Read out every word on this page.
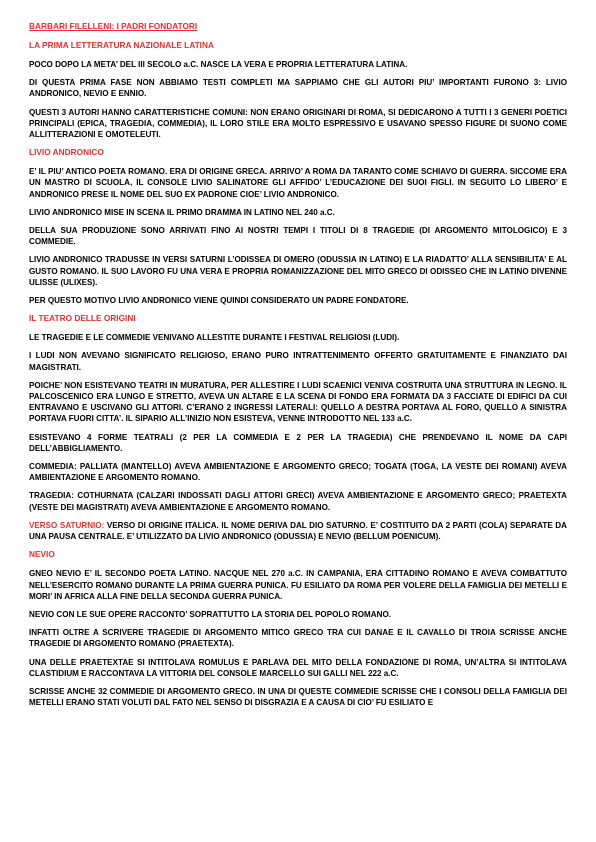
BARBARI FILELLENI: I PADRI FONDATORI
LA PRIMA LETTERATURA NAZIONALE LATINA

POCO DOPO LA META’ DEL III SECOLO a.C. NASCE LA VERA E PROPRIA LETTERATURA LATINA.

DI QUESTA PRIMA FASE NON ABBIAMO TESTI COMPLETI MA SAPPIAMO CHE GLI AUTORI PIU’ IMPORTANTI FURONO 3: LIVIO ANDRONICO, NEVIO E ENNIO.

QUESTI 3 AUTORI HANNO CARATTERISTICHE COMUNI: NON ERANO ORIGINARI DI ROMA, SI DEDICARONO A TUTTI I 3 GENERI POETICI PRINCIPALI (EPICA, TRAGEDIA, COMMEDIA), IL LORO STILE ERA MOLTO ESPRESSIVO E USAVANO SPESSO FIGURE DI SUONO COME ALLITTERAZIONI E OMOTELEUTI.

LIVIO ANDRONICO

E’ IL PIU’ ANTICO POETA ROMANO. ERA DI ORIGINE GRECA. ARRIVO’ A ROMA DA TARANTO COME SCHIAVO DI GUERRA. SICCOME ERA UN MASTRO DI SCUOLA, IL CONSOLE LIVIO SALINATORE GLI AFFIDO’ L’EDUCAZIONE DEI SUOI FIGLI. IN SEGUITO LO LIBERO’ E ANDRONICO PRESE IL NOME DEL SUO EX PADRONE CIOE’ LIVIO ANDRONICO.

LIVIO ANDRONICO MISE IN SCENA IL PRIMO DRAMMA IN LATINO NEL 240 a.C.

DELLA SUA PRODUZIONE SONO ARRIVATI FINO AI NOSTRI TEMPI I TITOLI DI 8 TRAGEDIE (DI ARGOMENTO MITOLOGICO) E 3 COMMEDIE.

LIVIO ANDRONICO TRADUSSE IN VERSI SATURNI L’ODISSEA DI OMERO (ODUSSIA IN LATINO) E LA RIADATTO’ ALLA SENSIBILITA’ E AL GUSTO ROMANO. IL SUO LAVORO FU UNA VERA E PROPRIA ROMANIZZAZIONE DEL MITO GRECO DI ODISSEO CHE IN LATINO DIVENNE ULISSE (ULIXES).

PER QUESTO MOTIVO LIVIO ANDRONICO VIENE QUINDI CONSIDERATO UN PADRE FONDATORE.

IL TEATRO DELLE ORIGINI

LE TRAGEDIE E LE COMMEDIE VENIVANO ALLESTITE DURANTE I FESTIVAL RELIGIOSI (LUDI).

I LUDI NON AVEVANO SIGNIFICATO RELIGIOSO, ERANO PURO INTRATTENIMENTO OFFERTO GRATUITAMENTE E FINANZIATO DAI MAGISTRATI.

POICHE’ NON ESISTEVANO TEATRI IN MURATURA, PER ALLESTIRE I LUDI SCAENICI VENIVA COSTRUITA UNA STRUTTURA IN LEGNO. IL PALCOSCENICO ERA LUNGO E STRETTO, AVEVA UN ALTARE E LA SCENA DI FONDO ERA FORMATA DA 3 FACCIATE DI EDIFICI DA CUI ENTRAVANO E USCIVANO GLI ATTORI. C’ERANO 2 INGRESSI LATERALI: QUELLO A DESTRA PORTAVA AL FORO, QUELLO A SINISTRA PORTAVA FUORI CITTA’. IL SIPARIO ALL’INIZIO NON ESISTEVA, VENNE INTRODOTTO NEL 133 a.C.

ESISTEVANO 4 FORME TEATRALI (2 PER LA COMMEDIA E 2 PER LA TRAGEDIA) CHE PRENDEVANO IL NOME DA CAPI DELL’ABBIGLIAMENTO.

COMMEDIA: PALLIATA (MANTELLO) AVEVA AMBIENTAZIONE E ARGOMENTO GRECO; TOGATA (TOGA, LA VESTE DEI ROMANI) AVEVA AMBIENTAZIONE E ARGOMENTO ROMANO.

TRAGEDIA: COTHURNATA (CALZARI INDOSSATI DAGLI ATTORI GRECI) AVEVA AMBIENTAZIONE E ARGOMENTO GRECO; PRAETEXTA (VESTE DEI MAGISTRATI) AVEVA AMBIENTAZIONE E ARGOMENTO ROMANO.

VERSO SATURNIO: VERSO DI ORIGINE ITALICA. IL NOME DERIVA DAL DIO SATURNO. E’ COSTITUITO DA 2 PARTI (COLA) SEPARATE DA UNA PAUSA CENTRALE. E’ UTILIZZATO DA LIVIO ANDRONICO (ODUSSIA) E NEVIO (BELLUM POENICUM).

NEVIO

GNEO NEVIO E’ IL SECONDO POETA LATINO. NACQUE NEL 270 a.C. IN CAMPANIA, ERA CITTADINO ROMANO E AVEVA COMBATTUTO NELL’ESERCITO ROMANO DURANTE LA PRIMA GUERRA PUNICA. FU ESILIATO DA ROMA PER VOLERE DELLA FAMIGLIA DEI METELLI E MORI’ IN AFRICA ALLA FINE DELLA SECONDA GUERRA PUNICA.

NEVIO CON LE SUE OPERE RACCONTO’ SOPRATTUTTO LA STORIA DEL POPOLO ROMANO.

INFATTI OLTRE A SCRIVERE TRAGEDIE DI ARGOMENTO MITICO GRECO TRA CUI DANAE E IL CAVALLO DI TROIA SCRISSE ANCHE TRAGEDIE DI ARGOMENTO ROMANO (PRAETEXTA).

UNA DELLE PRAETEXTAE SI INTITOLAVA ROMULUS E PARLAVA DEL MITO DELLA FONDAZIONE DI ROMA, UN’ALTRA SI INTITOLAVA CLASTIDIUM E RACCONTAVA LA VITTORIA DEL CONSOLE MARCELLO SUI GALLI NEL 222 a.C.

SCRISSE ANCHE 32 COMMEDIE DI ARGOMENTO GRECO. IN UNA DI QUESTE COMMEDIE SCRISSE CHE I CONSOLI DELLA FAMIGLIA DEI METELLI ERANO STATI VOLUTI DAL FATO NEL SENSO DI DISGRAZIA E A CAUSA DI CIO’ FU ESILIATO E
